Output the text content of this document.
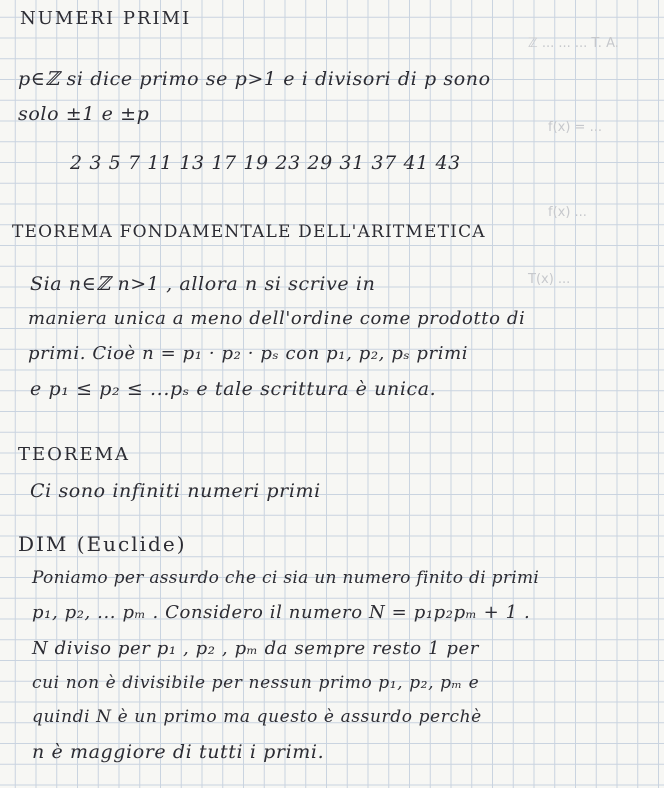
ℤ ... ... ... T. A.
f(x) = ...
f(x) ...
T(x) ...
NUMERI PRIMI
p∈ℤ si dice primo se p>1 e i divisori di p sono
solo ±1 e ±p
2 3 5 7 11 13 17 19 23 29 31 37 41 43
TEOREMA FONDAMENTALE DELL'ARITMETICA
Sia n∈ℤ n>1 , allora n si scrive in
maniera unica a meno dell'ordine come prodotto di
primi. Cioè n = p₁ · p₂ · pₛ con p₁, p₂, pₛ primi
e p₁ ≤ p₂ ≤ ...pₛ e tale scrittura è unica.
TEOREMA
Ci sono infiniti numeri primi
DIM (Euclide)
Poniamo per assurdo che ci sia un numero finito di primi
p₁, p₂, ... pₘ . Considero il numero N = p₁p₂pₘ + 1 .
N diviso per p₁ , p₂ , pₘ da sempre resto 1 per
cui non è divisibile per nessun primo p₁, p₂, pₘ e
quindi N è un primo ma questo è assurdo perchè
n è maggiore di tutti i primi.
